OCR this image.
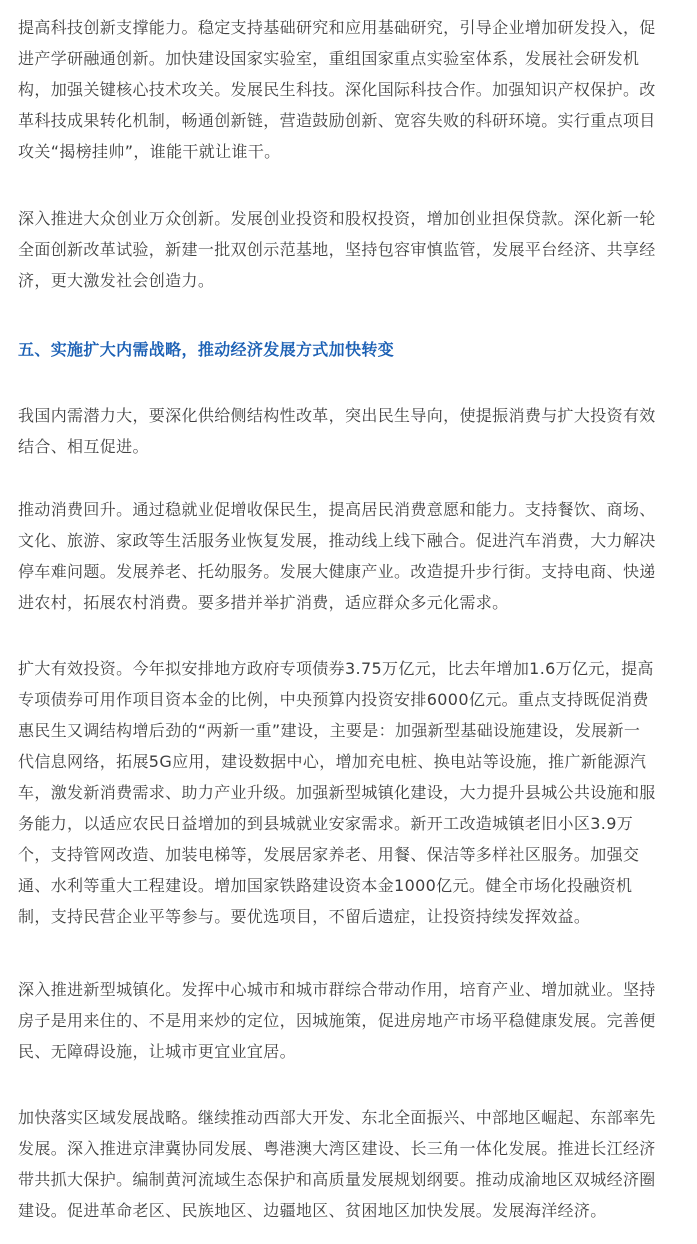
提高科技创新支撑能力。稳定支持基础研究和应用基础研究，引导企业增加研发投入，促
进产学研融通创新。加快建设国家实验室，重组国家重点实验室体系，发展社会研发机
构，加强关键核心技术攻关。发展民生科技。深化国际科技合作。加强知识产权保护。改
革科技成果转化机制，畅通创新链，营造鼓励创新、宽容失败的科研环境。实行重点项目
攻关“揭榜挂帅”，谁能干就让谁干。

深入推进大众创业万众创新。发展创业投资和股权投资，增加创业担保贷款。深化新一轮
全面创新改革试验，新建一批双创示范基地，坚持包容审慎监管，发展平台经济、共享经
济，更大激发社会创造力。

五、实施扩大内需战略，推动经济发展方式加快转变

我国内需潜力大，要深化供给侧结构性改革，突出民生导向，使提振消费与扩大投资有效
结合、相互促进。

推动消费回升。通过稳就业促增收保民生，提高居民消费意愿和能力。支持餐饮、商场、
文化、旅游、家政等生活服务业恢复发展，推动线上线下融合。促进汽车消费，大力解决
停车难问题。发展养老、托幼服务。发展大健康产业。改造提升步行街。支持电商、快递
进农村，拓展农村消费。要多措并举扩消费，适应群众多元化需求。

扩大有效投资。今年拟安排地方政府专项债券3.75万亿元，比去年增加1.6万亿元，提高
专项债券可用作项目资本金的比例，中央预算内投资安排6000亿元。重点支持既促消费
惠民生又调结构增后劲的“两新一重”建设，主要是：加强新型基础设施建设，发展新一
代信息网络，拓展5G应用，建设数据中心，增加充电桩、换电站等设施，推广新能源汽
车，激发新消费需求、助力产业升级。加强新型城镇化建设，大力提升县城公共设施和服
务能力，以适应农民日益增加的到县城就业安家需求。新开工改造城镇老旧小区3.9万
个，支持管网改造、加装电梯等，发展居家养老、用餐、保洁等多样社区服务。加强交
通、水利等重大工程建设。增加国家铁路建设资本金1000亿元。健全市场化投融资机
制，支持民营企业平等参与。要优选项目，不留后遗症，让投资持续发挥效益。

深入推进新型城镇化。发挥中心城市和城市群综合带动作用，培育产业、增加就业。坚持
房子是用来住的、不是用来炒的定位，因城施策，促进房地产市场平稳健康发展。完善便
民、无障碍设施，让城市更宜业宜居。

加快落实区域发展战略。继续推动西部大开发、东北全面振兴、中部地区崛起、东部率先
发展。深入推进京津冀协同发展、粤港澳大湾区建设、长三角一体化发展。推进长江经济
带共抓大保护。编制黄河流域生态保护和高质量发展规划纲要。推动成渝地区双城经济圈
建设。促进革命老区、民族地区、边疆地区、贫困地区加快发展。发展海洋经济。
